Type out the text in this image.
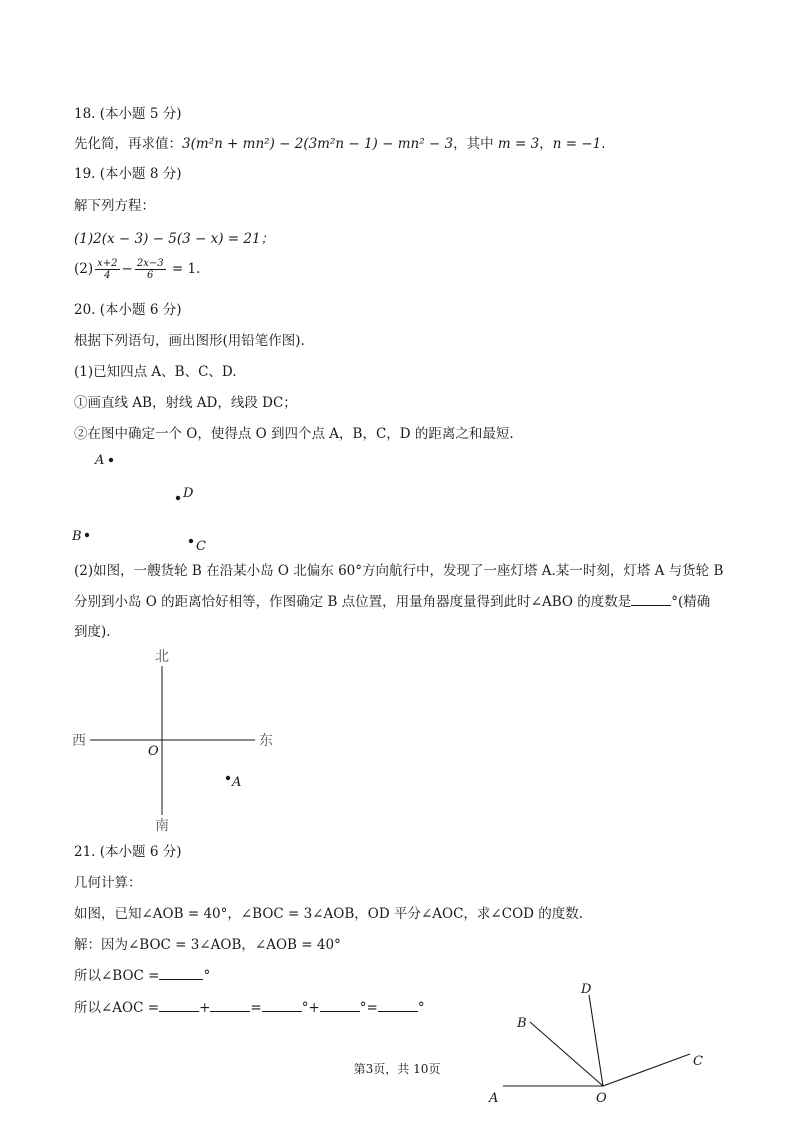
18. (本小题 5 分)
先化简，再求值：3(m²n + mn²) − 2(3m²n − 1) − mn² − 3，其中 m = 3，n = −1.
19. (本小题 8 分)
解下列方程：
(1)2(x − 3) − 5(3 − x) = 21；
$(2) \frac{x+2}{4} - \frac{2x-3}{6} = 1$.
20. (本小题 6 分)
根据下列语句，画出图形(用铅笔作图).
(1)已知四点 A、B、C、D.
①画直线 AB，射线 AD，线段 DC；
②在图中确定一个 O，使得点 O 到四个点 A，B，C，D 的距离之和最短.
A
D
B
C
北
南
西	东
O
A
A
B
D
C
O
(2)如图，一艘货轮 B 在沿某小岛 O 北偏东 60°方向航行中，发现了一座灯塔 A.某一时刻，灯塔 A 与货轮 B
分别到小岛 O 的距离恰好相等，作图确定 B 点位置，用量角器度量得到此时∠ABO 的度数是	°(精确
到度).
21. (本小题 6 分)
几何计算：
如图，已知∠AOB = 40°，∠BOC = 3∠AOB，OD 平分∠AOC，求∠COD 的度数.
解：因为∠BOC = 3∠AOB，∠AOB = 40°
所以∠BOC =	°
所以∠AOC =	+	=	°+	°=	°
第3页，共 10页
